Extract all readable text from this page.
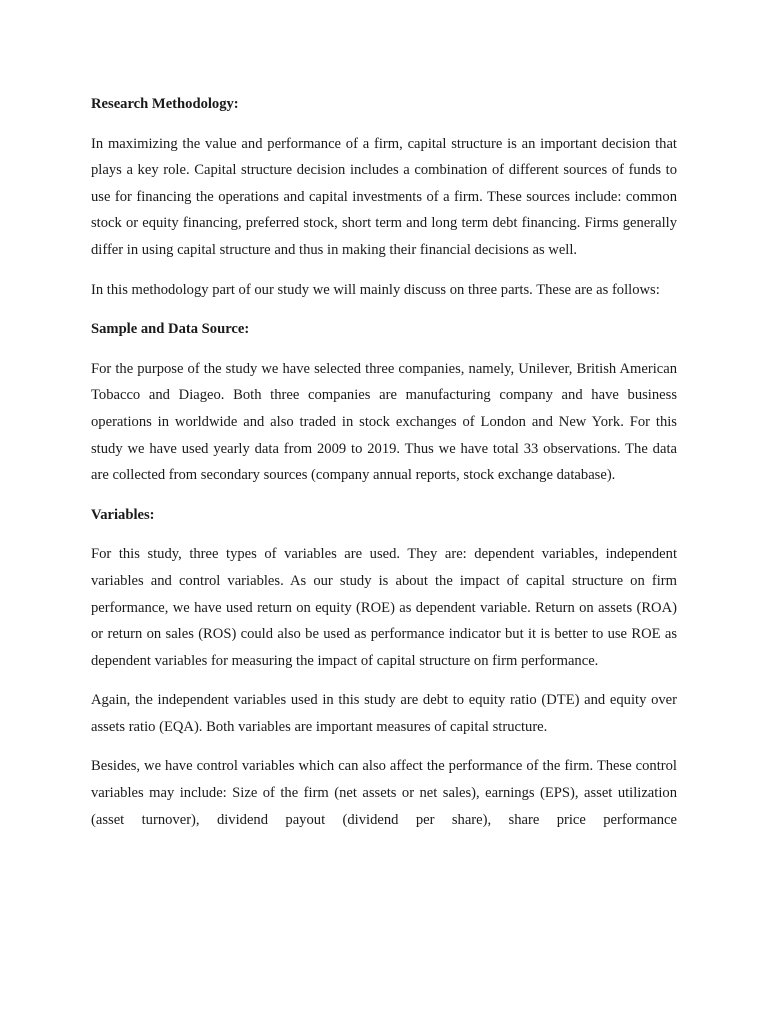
Research Methodology:

In maximizing the value and performance of a firm, capital structure is an important decision that plays a key role. Capital structure decision includes a combination of different sources of funds to use for financing the operations and capital investments of a firm. These sources include: common stock or equity financing, preferred stock, short term and long term debt financing. Firms generally differ in using capital structure and thus in making their financial decisions as well.

In this methodology part of our study we will mainly discuss on three parts. These are as follows:

Sample and Data Source:

For the purpose of the study we have selected three companies, namely, Unilever, British American Tobacco and Diageo. Both three companies are manufacturing company and have business operations in worldwide and also traded in stock exchanges of London and New York. For this study we have used yearly data from 2009 to 2019. Thus we have total 33 observations. The data are collected from secondary sources (company annual reports, stock exchange database).

Variables:

For this study, three types of variables are used. They are: dependent variables, independent variables and control variables. As our study is about the impact of capital structure on firm performance, we have used return on equity (ROE) as dependent variable. Return on assets (ROA) or return on sales (ROS) could also be used as performance indicator but it is better to use ROE as dependent variables for measuring the impact of capital structure on firm performance.

Again, the independent variables used in this study are debt to equity ratio (DTE) and equity over assets ratio (EQA). Both variables are important measures of capital structure.

Besides, we have control variables which can also affect the performance of the firm. These control variables may include: Size of the firm (net assets or net sales), earnings (EPS), asset utilization (asset turnover), dividend payout (dividend per share), share price performance
